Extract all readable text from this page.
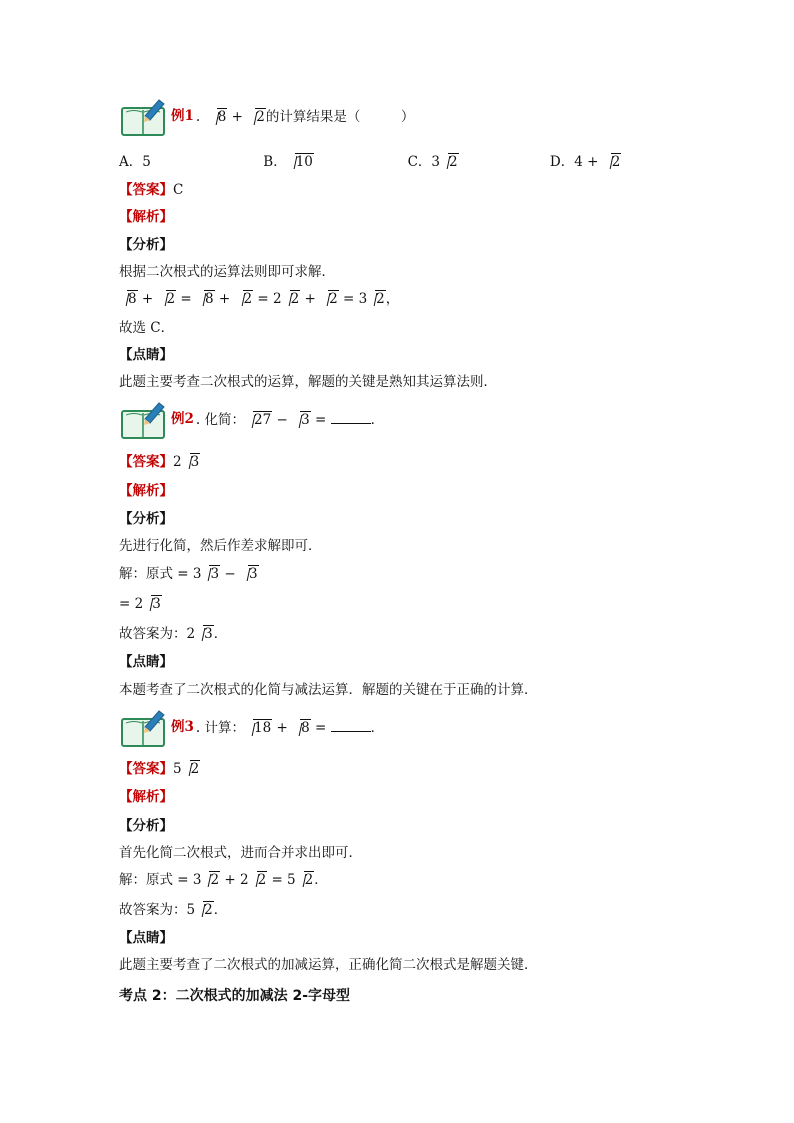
例1 . 8 + 2的计算结果是（　　　）
A．5	B． 10	C．3 2	D．4 + 2
【答案】C
【解析】
【分析】
根据二次根式的运算法则即可求解．
8 + 2 = 8 + 2 = 2 2 + 2 = 3 2，
故选 C．
【点睛】
此题主要考查二次根式的运算，解题的关键是熟知其运算法则．
例2 . 化简： 27 − 3 =	．
【答案】2 3
【解析】
【分析】
先进行化简，然后作差求解即可．
解：原式 = 3 3 − 3
= 2 3
故答案为：2 3．
【点睛】
本题考查了二次根式的化简与减法运算．解题的关键在于正确的计算．
例3 . 计算： 18 + 8 =	．
【答案】5 2
【解析】
【分析】
首先化简二次根式，进而合并求出即可．
解：原式 = 3 2 + 2 2 = 5 2．
故答案为：5 2．
【点睛】
此题主要考查了二次根式的加减运算，正确化简二次根式是解题关键．
考点 2：二次根式的加减法 2-字母型
